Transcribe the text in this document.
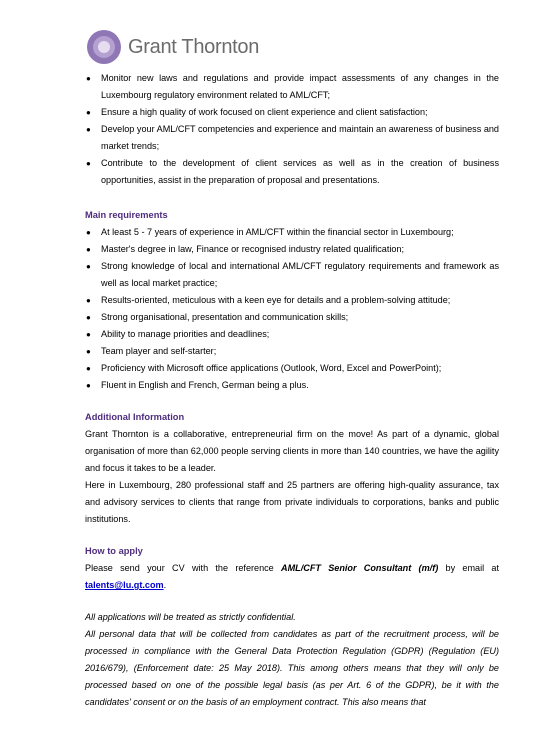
Grant Thornton
● Monitor new laws and regulations and provide impact assessments of any changes in the Luxembourg regulatory environment related to AML/CFT;
● Ensure a high quality of work focused on client experience and client satisfaction;
● Develop your AML/CFT competencies and experience and maintain an awareness of business and market trends;
● Contribute to the development of client services as well as in the creation of business opportunities, assist in the preparation of proposal and presentations.

Main requirements

● At least 5 - 7 years of experience in AML/CFT within the financial sector in Luxembourg;
● Master's degree in law, Finance or recognised industry related qualification;
● Strong knowledge of local and international AML/CFT regulatory requirements and framework as well as local market practice;
● Results-oriented, meticulous with a keen eye for details and a problem-solving attitude;
● Strong organisational, presentation and communication skills;
● Ability to manage priorities and deadlines;
● Team player and self-starter;
● Proficiency with Microsoft office applications (Outlook, Word, Excel and PowerPoint);
● Fluent in English and French, German being a plus.

Additional Information

Grant Thornton is a collaborative, entrepreneurial firm on the move! As part of a dynamic, global organisation of more than 62,000 people serving clients in more than 140 countries, we have the agility and focus it takes to be a leader.

Here in Luxembourg, 280 professional staff and 25 partners are offering high-quality assurance, tax and advisory services to clients that range from private individuals to corporations, banks and public institutions.

How to apply

Please send your CV with the reference AML/CFT Senior Consultant (m/f) by email at talents@lu.gt.com.

All applications will be treated as strictly confidential.

All personal data that will be collected from candidates as part of the recruitment process, will be processed in compliance with the General Data Protection Regulation (GDPR) (Regulation (EU) 2016/679), (Enforcement date: 25 May 2018). This among others means that they will only be processed based on one of the possible legal basis (as per Art. 6 of the GDPR), be it with the candidates' consent or on the basis of an employment contract. This also means that
